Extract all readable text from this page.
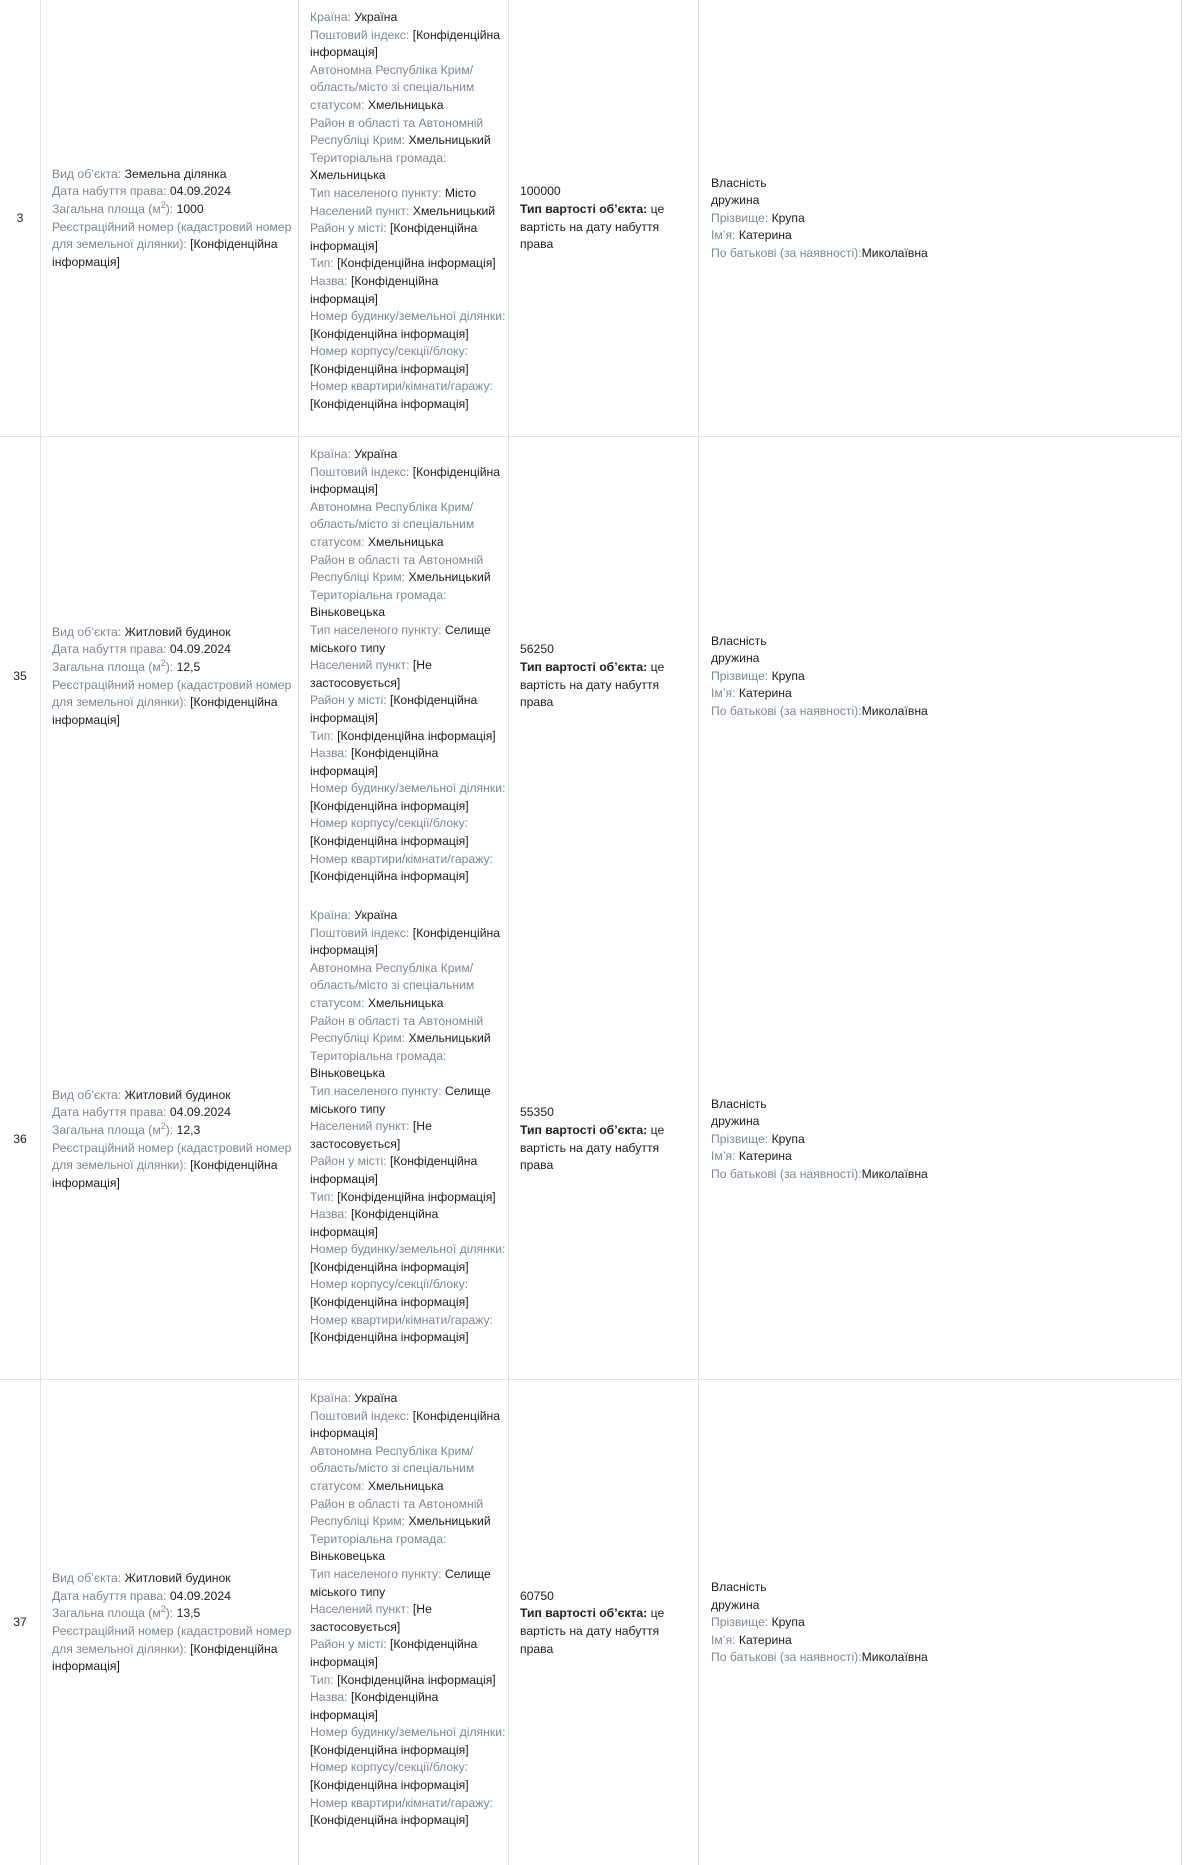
3
Вид об’єкта: Земельна ділянка
Дата набуття права: 04.09.2024
Загальна площа $(м^2)$: 1000
Реєстраційний номер (кадастровий номер для земельної ділянки): [Конфіденційна інформація]
Країна: Україна
Поштовий індекс: [Конфіденційна інформація]
Автономна Республіка Крим/ область/місто зі спеціальним статусом: Хмельницька
Район в області та Автономній Республіці Крим: Хмельницький
Територіальна громада: Хмельницька
Тип населеного пункту: Місто
Населений пункт: Хмельницький
Район у місті: [Конфіденційна інформація]
Тип: [Конфіденційна інформація]
Назва: [Конфіденційна інформація]
Номер будинку/земельної ділянки: [Конфіденційна інформація]
Номер корпусу/секції/блоку: [Конфіденційна інформація]
Номер квартири/кімнати/гаражу: [Конфіденційна інформація]
100000
Тип вартості об’єкта: це вартість на дату набуття права
Власність
дружина
Прізвище: Крупа
Ім’я: Катерина
По батькові (за наявності):Миколаївна
35
Вид об’єкта: Житловий будинок
Дата набуття права: 04.09.2024
Загальна площа $(м^2)$: 12,5
Реєстраційний номер (кадастровий номер для земельної ділянки): [Конфіденційна інформація]
Країна: Україна
Поштовий індекс: [Конфіденційна інформація]
Автономна Республіка Крим/ область/місто зі спеціальним статусом: Хмельницька
Район в області та Автономній Республіці Крим: Хмельницький
Територіальна громада: Віньковецька
Тип населеного пункту: Селище міського типу
Населений пункт: [Не застосовується]
Район у місті: [Конфіденційна інформація]
Тип: [Конфіденційна інформація]
Назва: [Конфіденційна інформація]
Номер будинку/земельної ділянки: [Конфіденційна інформація]
Номер корпусу/секції/блоку: [Конфіденційна інформація]
Номер квартири/кімнати/гаражу: [Конфіденційна інформація]
56250
Тип вартості об’єкта: це вартість на дату набуття права
Власність
дружина
Прізвище: Крупа
Ім’я: Катерина
По батькові (за наявності):Миколаївна
36
Вид об’єкта: Житловий будинок
Дата набуття права: 04.09.2024
Загальна площа $(м^2)$: 12,3
Реєстраційний номер (кадастровий номер для земельної ділянки): [Конфіденційна інформація]
Країна: Україна
Поштовий індекс: [Конфіденційна інформація]
Автономна Республіка Крим/ область/місто зі спеціальним статусом: Хмельницька
Район в області та Автономній Республіці Крим: Хмельницький
Територіальна громада: Віньковецька
Тип населеного пункту: Селище міського типу
Населений пункт: [Не застосовується]
Район у місті: [Конфіденційна інформація]
Тип: [Конфіденційна інформація]
Назва: [Конфіденційна інформація]
Номер будинку/земельної ділянки: [Конфіденційна інформація]
Номер корпусу/секції/блоку: [Конфіденційна інформація]
Номер квартири/кімнати/гаражу: [Конфіденційна інформація]
55350
Тип вартості об’єкта: це вартість на дату набуття права
Власність
дружина
Прізвище: Крупа
Ім’я: Катерина
По батькові (за наявності):Миколаївна
37
Вид об’єкта: Житловий будинок
Дата набуття права: 04.09.2024
Загальна площа $(м^2)$: 13,5
Реєстраційний номер (кадастровий номер для земельної ділянки): [Конфіденційна інформація]
Країна: Україна
Поштовий індекс: [Конфіденційна інформація]
Автономна Республіка Крим/ область/місто зі спеціальним статусом: Хмельницька
Район в області та Автономній Республіці Крим: Хмельницький
Територіальна громада: Віньковецька
Тип населеного пункту: Селище міського типу
Населений пункт: [Не застосовується]
Район у місті: [Конфіденційна інформація]
Тип: [Конфіденційна інформація]
Назва: [Конфіденційна інформація]
Номер будинку/земельної ділянки: [Конфіденційна інформація]
Номер корпусу/секції/блоку: [Конфіденційна інформація]
Номер квартири/кімнати/гаражу: [Конфіденційна інформація]
60750
Тип вартості об’єкта: це вартість на дату набуття права
Власність
дружина
Прізвище: Крупа
Ім’я: Катерина
По батькові (за наявності):Миколаївна
